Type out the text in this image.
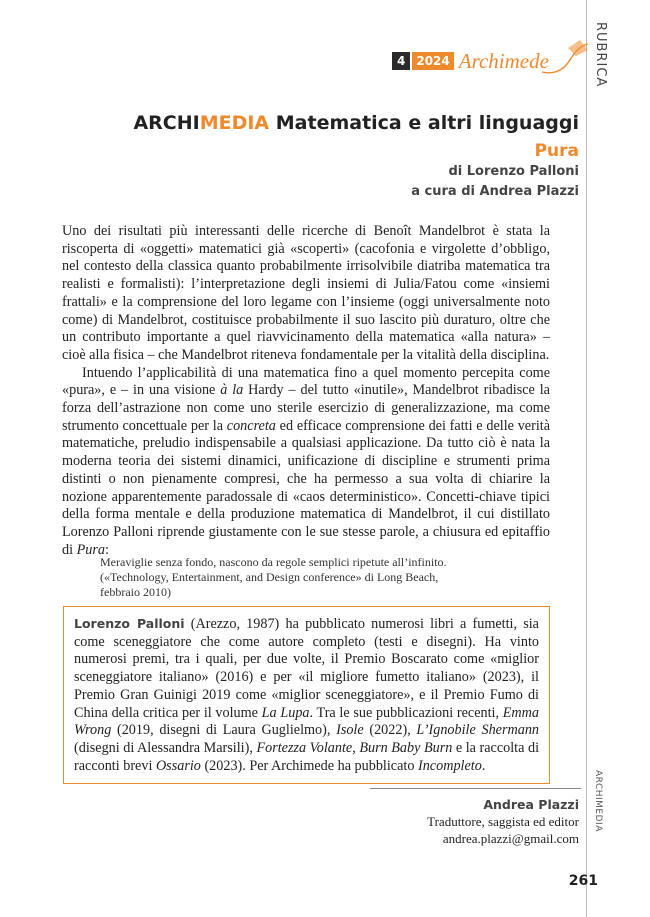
4 2024 Archimede	RUBRICA
ARCHIMEDIA Matematica e altri linguaggi
Pura
di Lorenzo Palloni
a cura di Andrea Plazzi

Uno dei risultati più interessanti delle ricerche di Benoît Mandelbrot è stata la riscoperta di «oggetti» matematici già «scoperti» (cacofonia e virgolette d’obbligo, nel contesto della classica quanto probabilmente irrisolvibile diatriba matematica tra realisti e formalisti): l’interpretazione degli insiemi di Julia/Fatou come «insiemi frattali» e la comprensione del loro legame con l’insieme (oggi universalmente noto come) di Mandelbrot, costituisce probabilmente il suo lascito più duraturo, oltre che un contributo importante a quel riavvicinamento della matematica «alla natura» – cioè alla fisica – che Mandelbrot riteneva fondamentale per la vitalità della disciplina.

Intuendo l’applicabilità di una matematica fino a quel momento percepita come «pura», e – in una visione à la Hardy – del tutto «inutile», Mandelbrot ribadisce la forza dell’astrazione non come uno sterile esercizio di generalizzazione, ma come strumento concettuale per la concreta ed efficace comprensione dei fatti e delle verità matematiche, preludio indispensabile a qualsiasi applicazione. Da tutto ciò è nata la moderna teoria dei sistemi dinamici, unificazione di discipline e strumenti prima distinti o non pienamente compresi, che ha permesso a sua volta di chiarire la nozione apparentemente paradossale di «caos deterministico». Concetti-chiave tipici della forma mentale e della produzione matematica di Mandelbrot, il cui distillato Lorenzo Palloni riprende giustamente con le sue stesse parole, a chiusura ed epitaffio di Pura:

Meraviglie senza fondo, nascono da regole semplici ripetute all’infinito.

(«Technology, Entertainment, and Design conference» di Long Beach,

febbraio 2010)

Lorenzo Palloni (Arezzo, 1987) ha pubblicato numerosi libri a fumetti, sia come sceneggiatore che come autore completo (testi e disegni). Ha vinto numerosi premi, tra i quali, per due volte, il Premio Boscarato come «miglior sceneggiatore italiano» (2016) e per «il migliore fumetto italiano» (2023), il Premio Gran Guinigi 2019 come «miglior sceneggiatore», e il Premio Fumo di China della critica per il volume La Lupa. Tra le sue pubblicazioni recenti, Emma Wrong (2019, disegni di Laura Guglielmo), Isole (2022), L’Ignobile Shermann (disegni di Alessandra Marsili), Fortezza Volante, Burn Baby Burn e la raccolta di racconti brevi Ossario (2023). Per Archimede ha pubblicato Incompleto.
Andrea Plazzi
Traduttore, saggista ed editor
andrea.plazzi@gmail.com
ARCHIMEDIA
261
